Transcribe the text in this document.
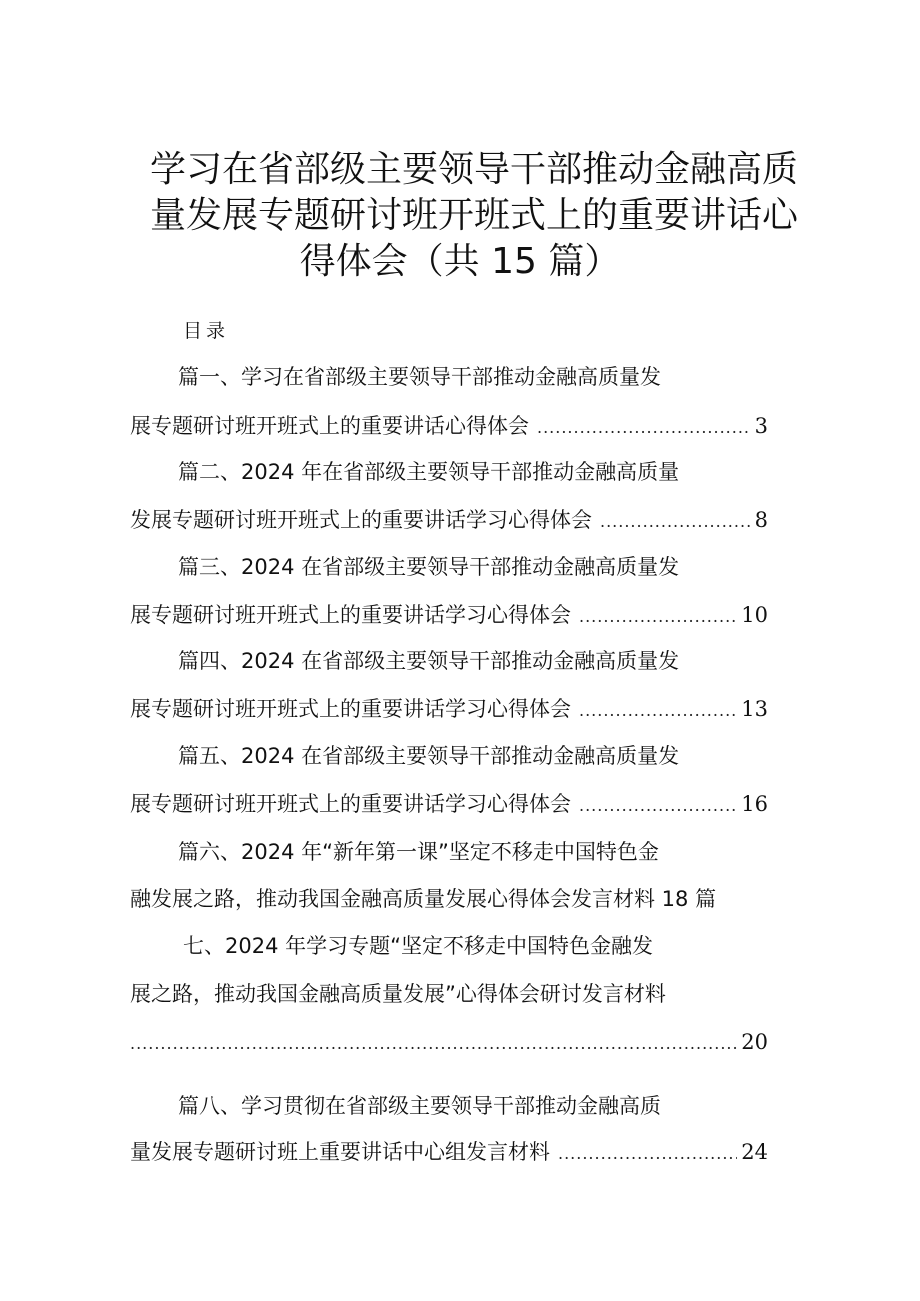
学习在省部级主要领导干部推动金融高质
量发展专题研讨班开班式上的重要讲话心
得体会（共 15 篇）
目录
篇一、学习在省部级主要领导干部推动金融高质量发
展专题研讨班开班式上的重要讲话心得体会 .....	3
篇二、2024 年在省部级主要领导干部推动金融高质量
发展专题研讨班开班式上的重要讲话学习心得体会 .....	8
篇三、2024 在省部级主要领导干部推动金融高质量发
展专题研讨班开班式上的重要讲话学习心得体会 .....	10
篇四、2024 在省部级主要领导干部推动金融高质量发
展专题研讨班开班式上的重要讲话学习心得体会 .....	13
篇五、2024 在省部级主要领导干部推动金融高质量发
展专题研讨班开班式上的重要讲话学习心得体会 .....	16
篇六、2024 年“新年第一课”坚定不移走中国特色金
融发展之路，推动我国金融高质量发展心得体会发言材料 18 篇
七、2024 年学习专题“坚定不移走中国特色金融发
展之路，推动我国金融高质量发展”心得体会研讨发言材料
.....
20
篇八、学习贯彻在省部级主要领导干部推动金融高质
量发展专题研讨班上重要讲话中心组发言材料 .....	24
